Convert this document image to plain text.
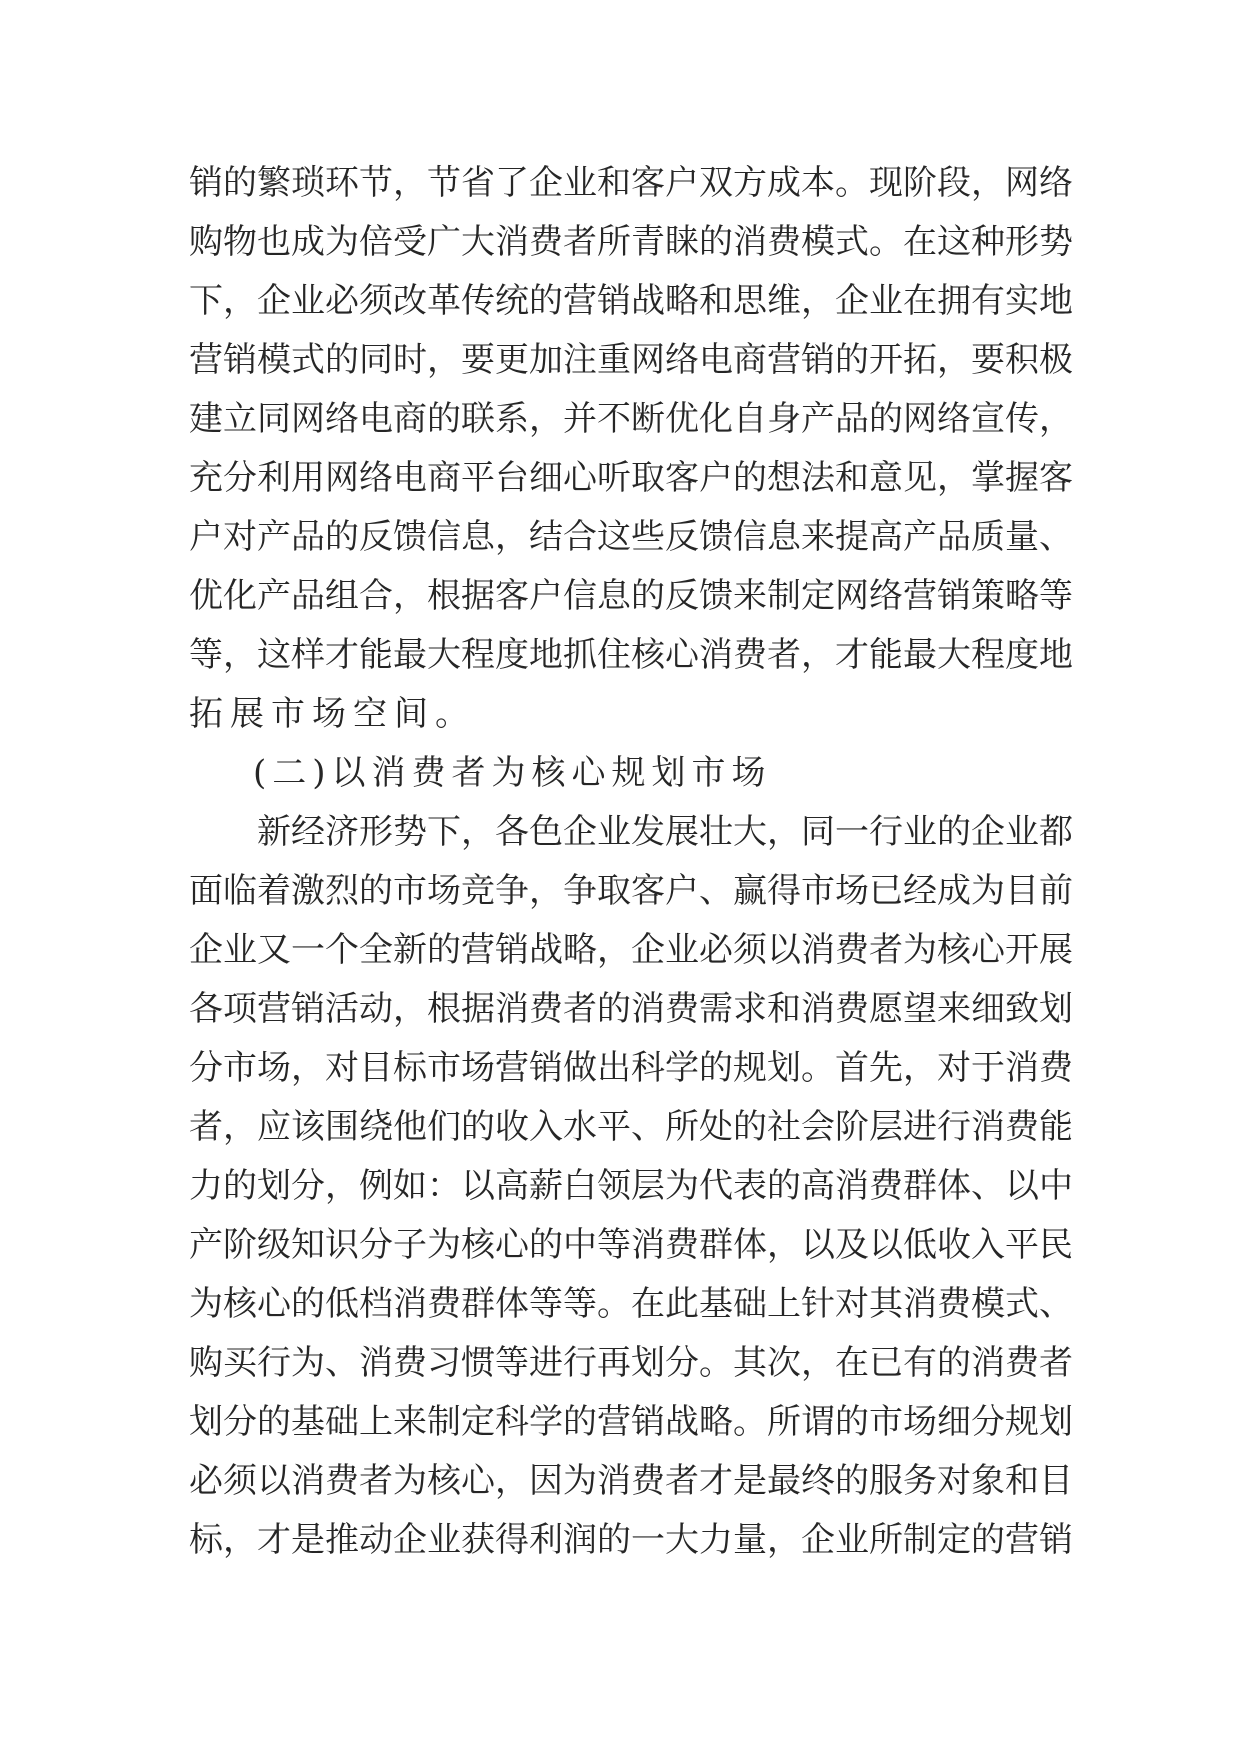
销的繁琐环节，节省了企业和客户双方成本。现阶段，网络
购物也成为倍受广大消费者所青睐的消费模式。在这种形势
下，企业必须改革传统的营销战略和思维，企业在拥有实地
营销模式的同时，要更加注重网络电商营销的开拓，要积极
建立同网络电商的联系，并不断优化自身产品的网络宣传，
充分利用网络电商平台细心听取客户的想法和意见，掌握客
户对产品的反馈信息，结合这些反馈信息来提高产品质量、
优化产品组合，根据客户信息的反馈来制定网络营销策略等
等，这样才能最大程度地抓住核心消费者，才能最大程度地
拓展市场空间。
(二)以消费者为核心规划市场
新经济形势下，各色企业发展壮大，同一行业的企业都
面临着激烈的市场竞争，争取客户、赢得市场已经成为目前
企业又一个全新的营销战略，企业必须以消费者为核心开展
各项营销活动，根据消费者的消费需求和消费愿望来细致划
分市场，对目标市场营销做出科学的规划。首先，对于消费
者，应该围绕他们的收入水平、所处的社会阶层进行消费能
力的划分，例如：以高薪白领层为代表的高消费群体、以中
产阶级知识分子为核心的中等消费群体，以及以低收入平民
为核心的低档消费群体等等。在此基础上针对其消费模式、
购买行为、消费习惯等进行再划分。其次，在已有的消费者
划分的基础上来制定科学的营销战略。所谓的市场细分规划
必须以消费者为核心，因为消费者才是最终的服务对象和目
标，才是推动企业获得利润的一大力量，企业所制定的营销
